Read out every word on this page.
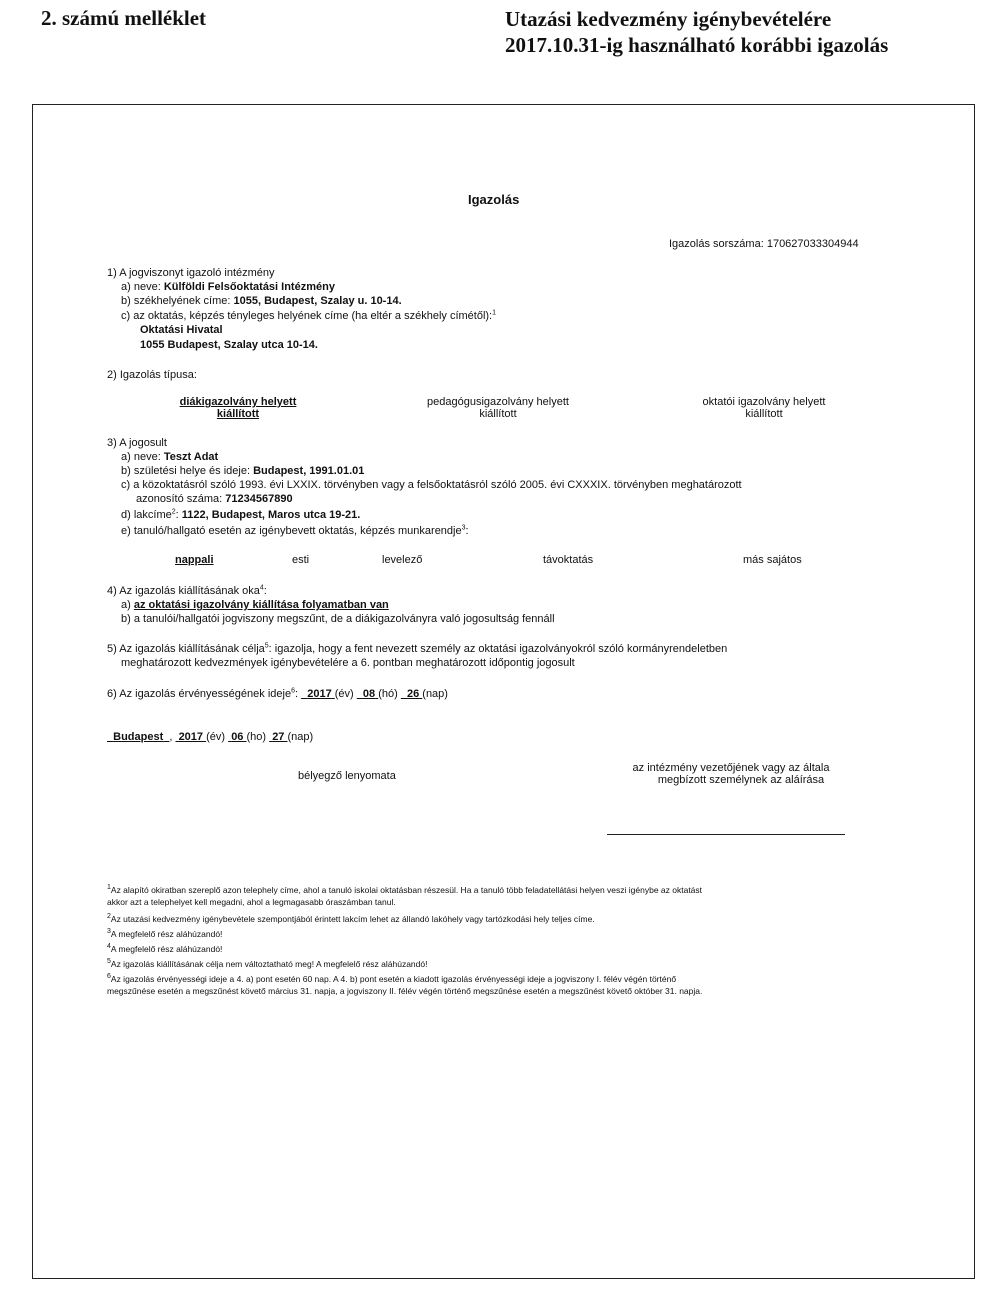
2. számú melléklet	Utazási kedvezmény igénybevételére
2017.10.31-ig használható korábbi igazolás
Igazolás
Igazolás sorszáma: 170627033304944
1) A jogviszonyt igazoló intézmény
a) neve: Külföldi Felsőoktatási Intézmény
b) székhelyének címe: 1055, Budapest, Szalay u. 10-14.
c) az oktatás, képzés tényleges helyének címe (ha eltér a székhely címétől):$^1$
Oktatási Hivatal
1055 Budapest, Szalay utca 10-14.
2) Igazolás típusa:
diákigazolvány helyett
kiállított
pedagógusigazolvány helyett
kiállított
oktatói igazolvány helyett
kiállított
3) A jogosult
a) neve: Teszt Adat
b) születési helye és ideje: Budapest, 1991.01.01
c) a közoktatásról szóló 1993. évi LXXIX. törvényben vagy a felsőoktatásról szóló 2005. évi CXXXIX. törvényben meghatározott
azonosító száma: 71234567890
d) lakcíme$^2$: 1122, Budapest, Maros utca 19-21.
e) tanuló/hallgató esetén az igénybevett oktatás, képzés munkarendje$^3$:
nappali	esti	levelező	távoktatás	más sajátos
4) Az igazolás kiállításának oka$^4$:
a) az oktatási igazolvány kiállítása folyamatban van
b) a tanulói/hallgatói jogviszony megszűnt, de a diákigazolványra való jogosultság fennáll
5) Az igazolás kiállításának célja$^5$: igazolja, hogy a fent nevezett személy az oktatási igazolványokról szóló kormányrendeletben
meghatározott kedvezmények igénybevételére a 6. pontban meghatározott időpontig jogosult
6) Az igazolás érvényességének ideje$^6$:   2017 (év) 08 (hó) 26 (nap)
Budapest ,  2017 (év) 06 (ho) 27 (nap)
bélyegző lenyomata
az intézmény vezetőjének vagy az általa
megbízott személynek az aláírása
$^1$Az alapító okiratban szereplő azon telephely címe, ahol a tanuló iskolai oktatásban részesül. Ha a tanuló több feladatellátási helyen veszi igénybe az oktatást
akkor azt a telephelyet kell megadni, ahol a legmagasabb óraszámban tanul.
$^2$Az utazási kedvezmény igénybevétele szempontjából érintett lakcím lehet az állandó lakóhely vagy tartózkodási hely teljes címe.
$^3$A megfelelő rész aláhúzandó!
$^4$A megfelelő rész aláhúzandó!
$^5$Az igazolás kiállításának célja nem változtatható meg! A megfelelő rész aláhúzandó!
$^6$Az igazolás érvényességi ideje a 4. a) pont esetén 60 nap. A 4. b) pont esetén a kiadott igazolás érvényességi ideje a jogviszony I. félév végén történő
megszűnése esetén a megszűnést követő március 31. napja, a jogviszony II. félév végén történő megszűnése esetén a megszűnést követő október 31. napja.
